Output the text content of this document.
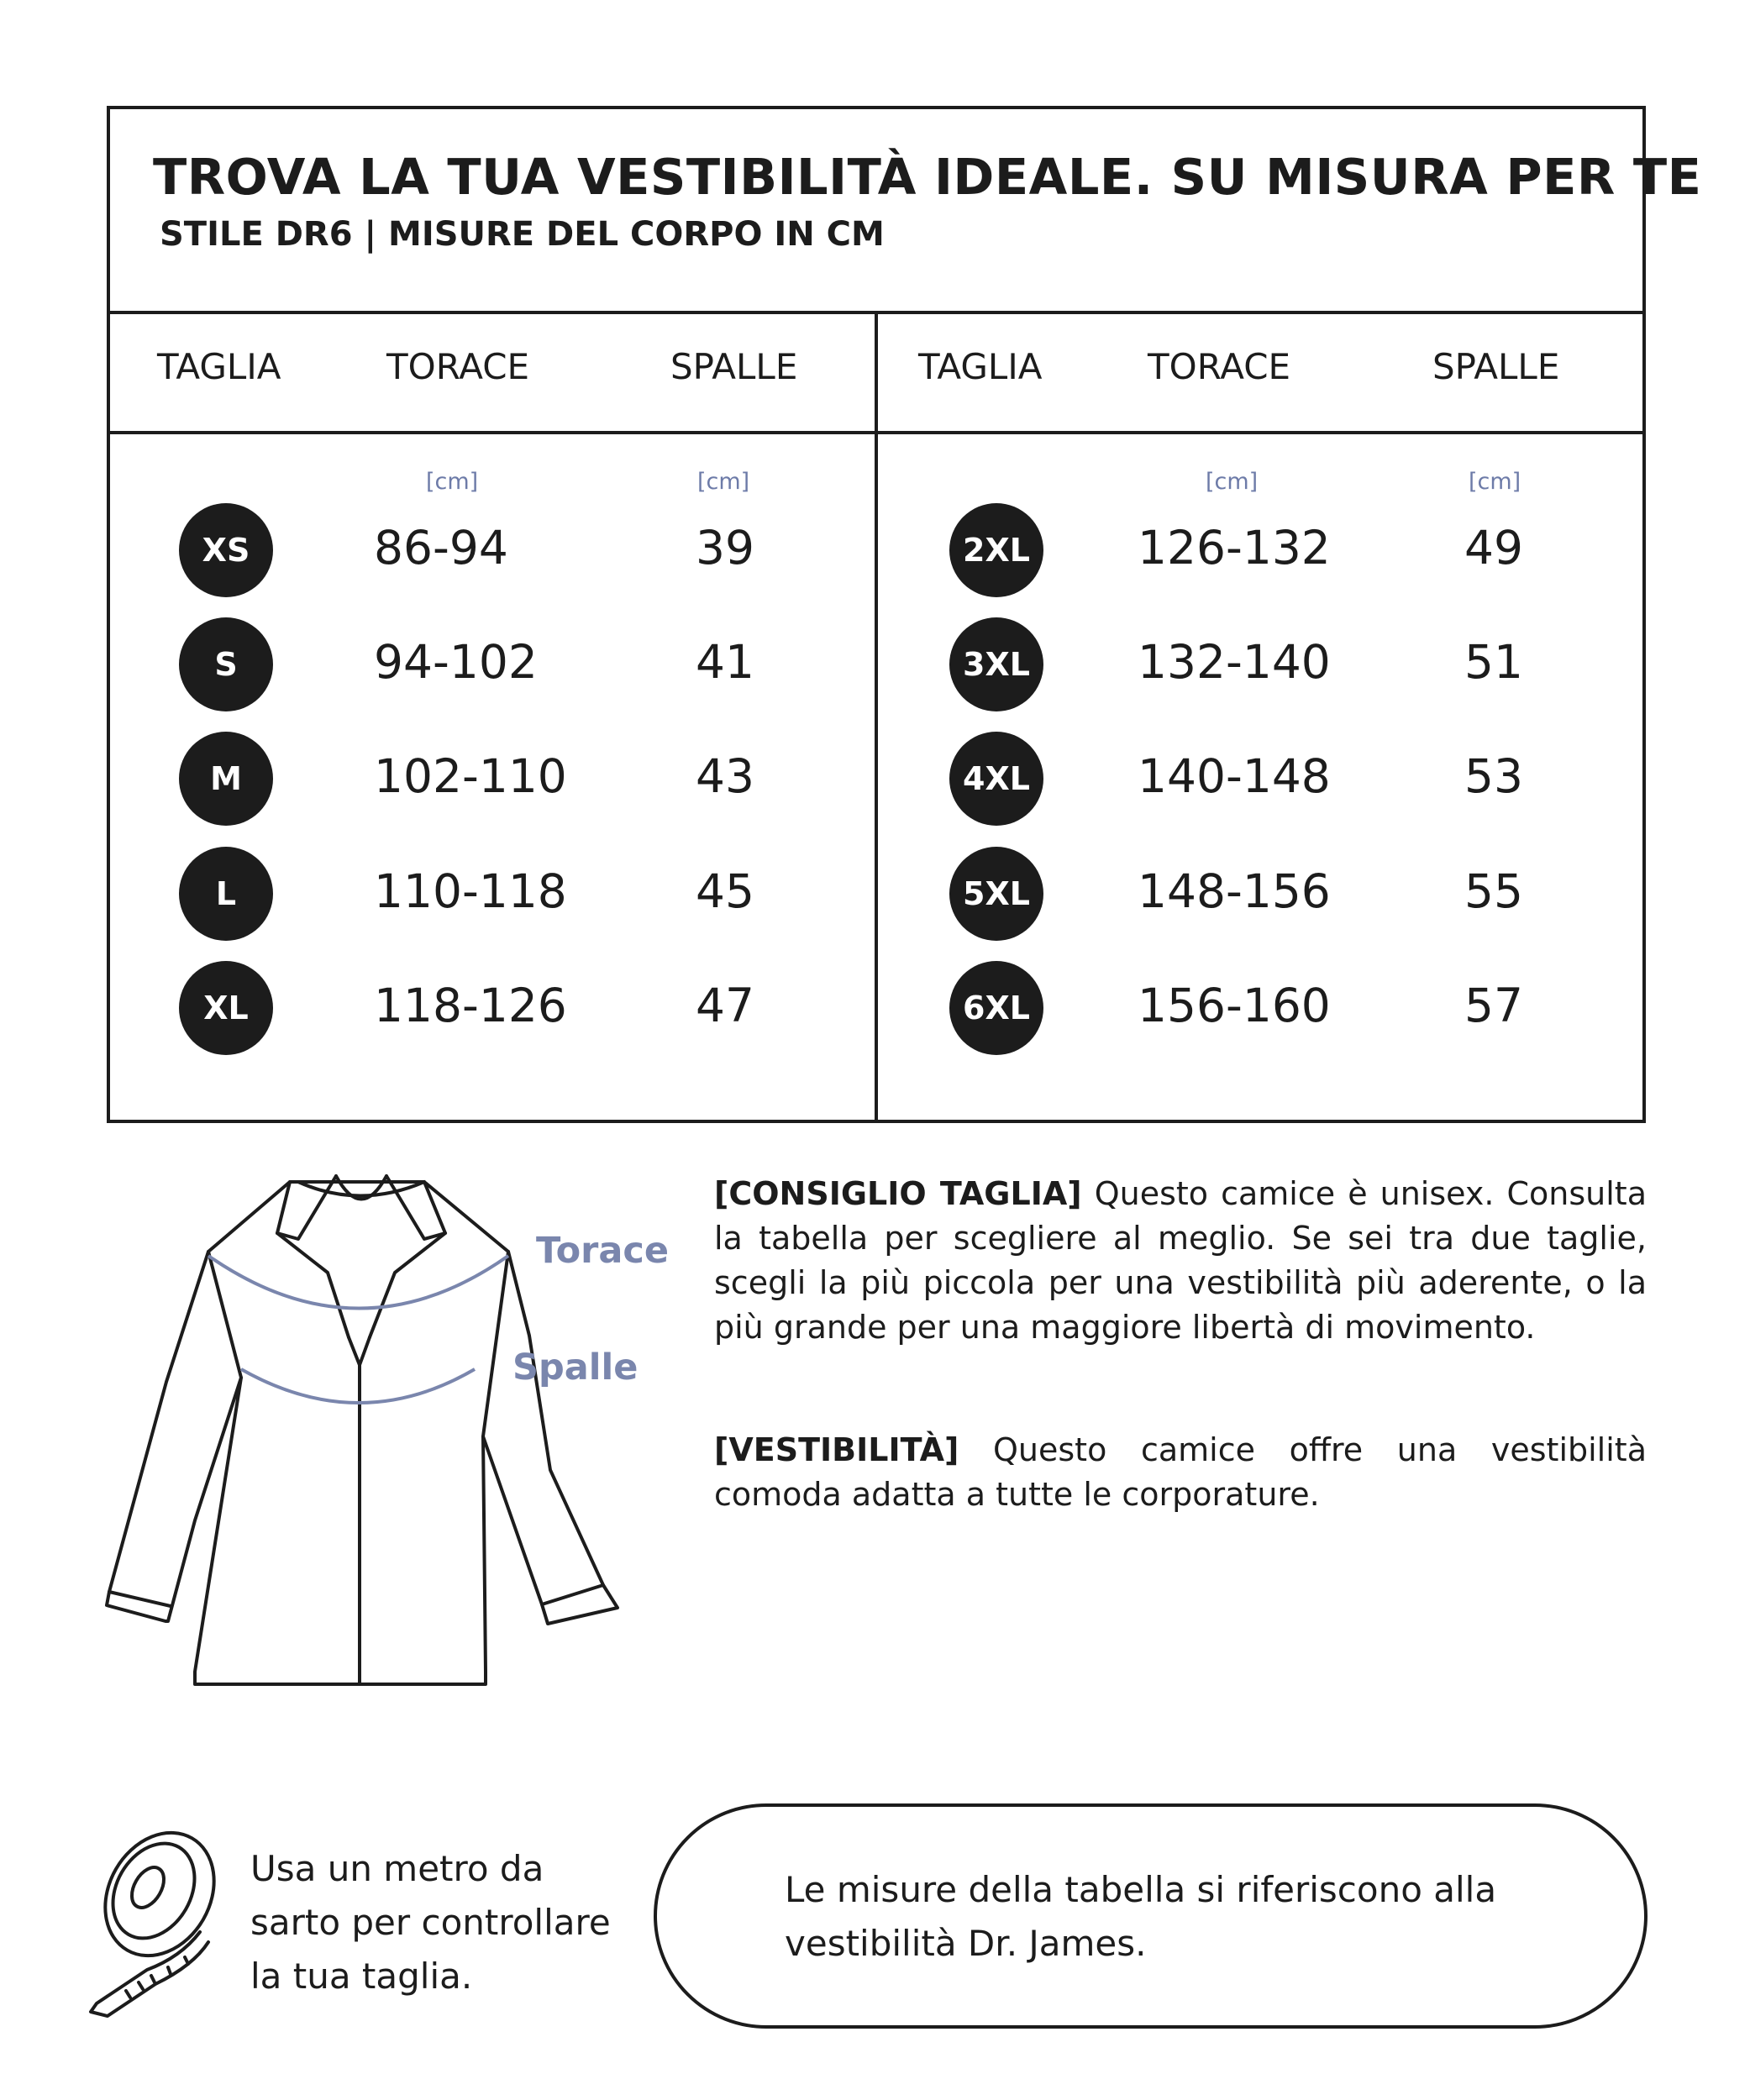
TROVA LA TUA VESTIBILITÀ IDEALE. SU MISURA PER TE
STILE DR6 | MISURE DEL CORPO IN CM
TAGLIA	TORACE	SPALLE	TAGLIA	TORACE	SPALLE
[cm]	[cm]	[cm]	[cm]
XS	86-94	39
S	94-102	41
M	102-110	43
L	110-118	45
XL	118-126	47
2XL 126-132	49
3XL 132-140	51
4XL 140-148	53
5XL 148-156	55
6XL 156-160	57
Torace
Spalle
[CONSIGLIO TAGLIA] Questo camice è unisex. Consulta la tabella per scegliere al meglio. Se sei tra due taglie, scegli la più piccola per una vestibilità più aderente, o la più grande per una maggiore libertà di movimento.
[VESTIBILITÀ] Questo camice offre una vestibilità comoda adatta a tutte le corporature.
Usa un metro da
sarto per controllare
la tua taglia.
Le misure della tabella si riferiscono alla
vestibilità Dr. James.
